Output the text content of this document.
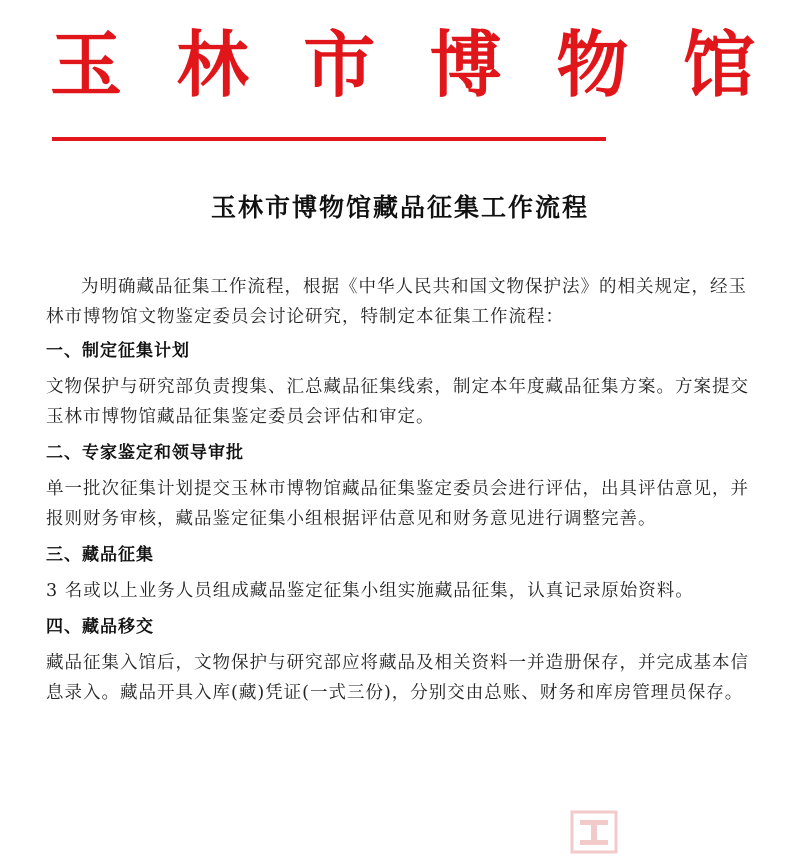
玉 林 市 博 物 馆
玉林市博物馆藏品征集工作流程

为明确藏品征集工作流程，根据《中华人民共和国文物保护法》的相关规定，经玉林市博物馆文物鉴定委员会讨论研究，特制定本征集工作流程：

一、制定征集计划

文物保护与研究部负责搜集、汇总藏品征集线索，制定本年度藏品征集方案。方案提交玉林市博物馆藏品征集鉴定委员会评估和审定。

二、专家鉴定和领导审批

单一批次征集计划提交玉林市博物馆藏品征集鉴定委员会进行评估，出具评估意见，并报则财务审核，藏品鉴定征集小组根据评估意见和财务意见进行调整完善。

三、藏品征集

3 名或以上业务人员组成藏品鉴定征集小组实施藏品征集，认真记录原始资料。

四、藏品移交

藏品征集入馆后，文物保护与研究部应将藏品及相关资料一并造册保存，并完成基本信息录入。藏品开具入库(藏)凭证(一式三份)，分别交由总账、财务和库房管理员保存。
